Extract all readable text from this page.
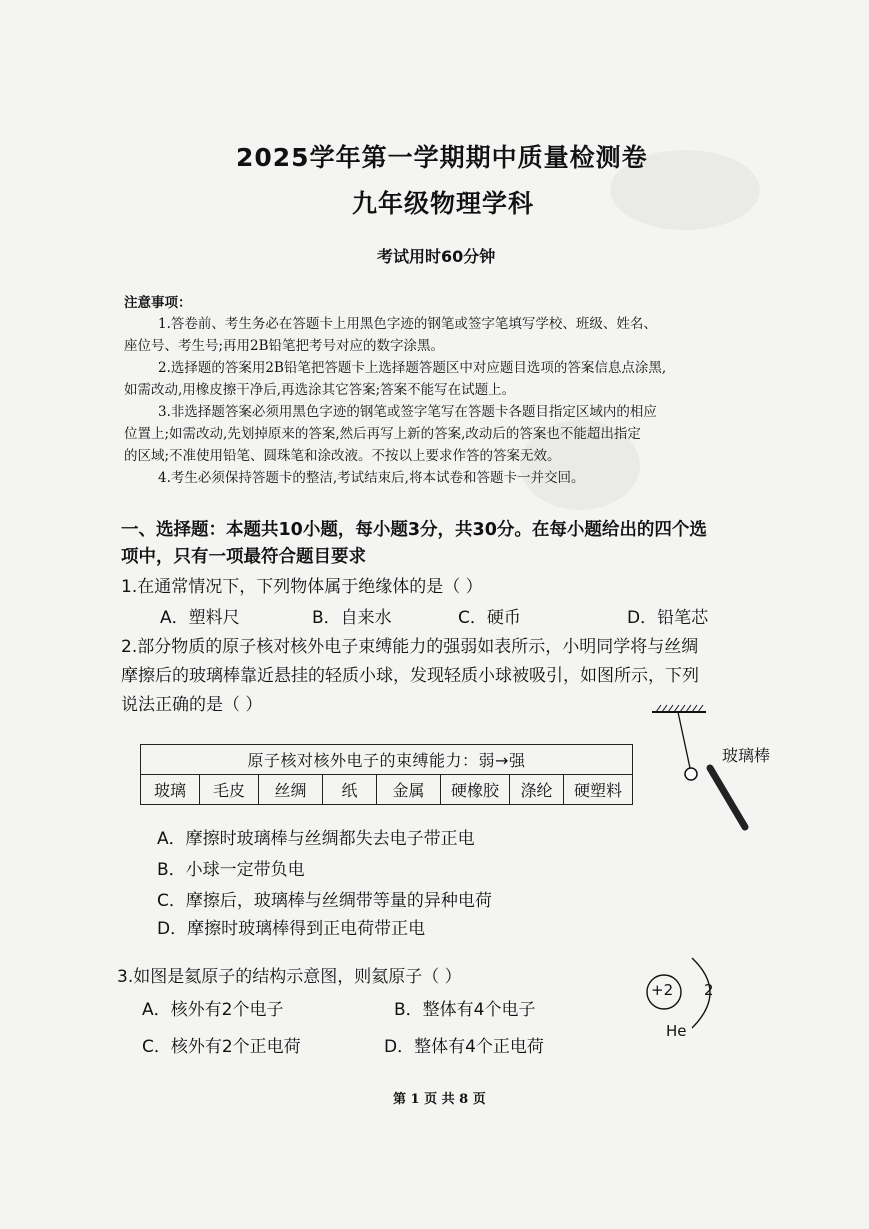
2025学年第一学期期中质量检测卷
九年级物理学科
考试用时60分钟
注意事项：
1.答卷前、考生务必在答题卡上用黑色字迹的钢笔或签字笔填写学校、班级、姓名、
座位号、考生号;再用2B铅笔把考号对应的数字涂黑。
2.选择题的答案用2B铅笔把答题卡上选择题答题区中对应题目选项的答案信息点涂黑,
如需改动,用橡皮擦干净后,再选涂其它答案;答案不能写在试题上。
3.非选择题答案必须用黑色字迹的钢笔或签字笔写在答题卡各题目指定区域内的相应
位置上;如需改动,先划掉原来的答案,然后再写上新的答案,改动后的答案也不能超出指定
的区域;不准使用铅笔、圆珠笔和涂改液。不按以上要求作答的答案无效。
4.考生必须保持答题卡的整洁,考试结束后,将本试卷和答题卡一并交回。
一、选择题：本题共10小题，每小题3分，共30分。在每小题给出的四个选
项中，只有一项最符合题目要求
1.在通常情况下，下列物体属于绝缘体的是（ ）
A．塑料尺	B．自来水	C．硬币	D．铅笔芯
2.部分物质的原子核对核外电子束缚能力的强弱如表所示，小明同学将与丝绸
摩擦后的玻璃棒靠近悬挂的轻质小球，发现轻质小球被吸引，如图所示，下列
说法正确的是（ ）
原子核对核外电子的束缚能力：弱→强
玻璃	毛皮	丝绸	纸	金属	硬橡胶	涤纶	硬塑料
玻璃棒
A．摩擦时玻璃棒与丝绸都失去电子带正电
B．小球一定带负电
C．摩擦后，玻璃棒与丝绸带等量的异种电荷
D．摩擦时玻璃棒得到正电荷带正电
3.如图是氦原子的结构示意图，则氦原子（ ）
A．核外有2个电子	B．整体有4个电子
C．核外有2个正电荷	D．整体有4个正电荷
+2 2
He
第 1 页 共 8 页
